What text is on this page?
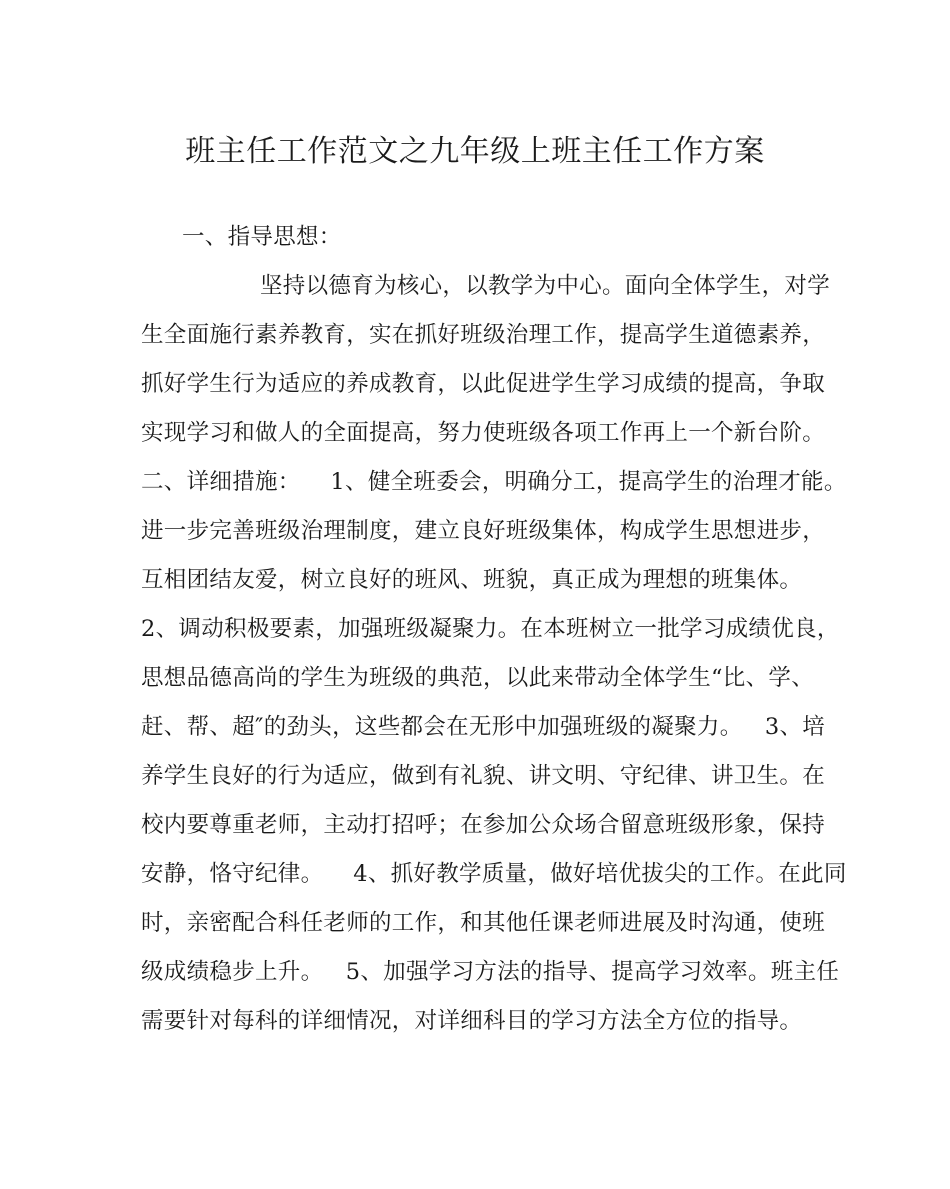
班主任工作范文之九年级上班主任工作方案
一、指导思想：
坚持以德育为核心，以教学为中心。面向全体学生，对学
生全面施行素养教育，实在抓好班级治理工作，提高学生道德素养，
抓好学生行为适应的养成教育，以此促进学生学习成绩的提高，争取
实现学习和做人的全面提高，努力使班级各项工作再上一个新台阶。
二、详细措施：    1、健全班委会，明确分工，提高学生的治理才能。
进一步完善班级治理制度，建立良好班级集体，构成学生思想进步，
互相团结友爱，树立良好的班风、班貌，真正成为理想的班集体。
2、调动积极要素，加强班级凝聚力。在本班树立一批学习成绩优良，
思想品德高尚的学生为班级的典范，以此来带动全体学生“比、学、
赶、帮、超″的劲头，这些都会在无形中加强班级的凝聚力。   3、培
养学生良好的行为适应，做到有礼貌、讲文明、守纪律、讲卫生。在
校内要尊重老师，主动打招呼；在参加公众场合留意班级形象，保持
安静，恪守纪律。    4、抓好教学质量，做好培优拔尖的工作。在此同
时，亲密配合科任老师的工作，和其他任课老师进展及时沟通，使班
级成绩稳步上升。   5、加强学习方法的指导、提高学习效率。班主任
需要针对每科的详细情况，对详细科目的学习方法全方位的指导。
